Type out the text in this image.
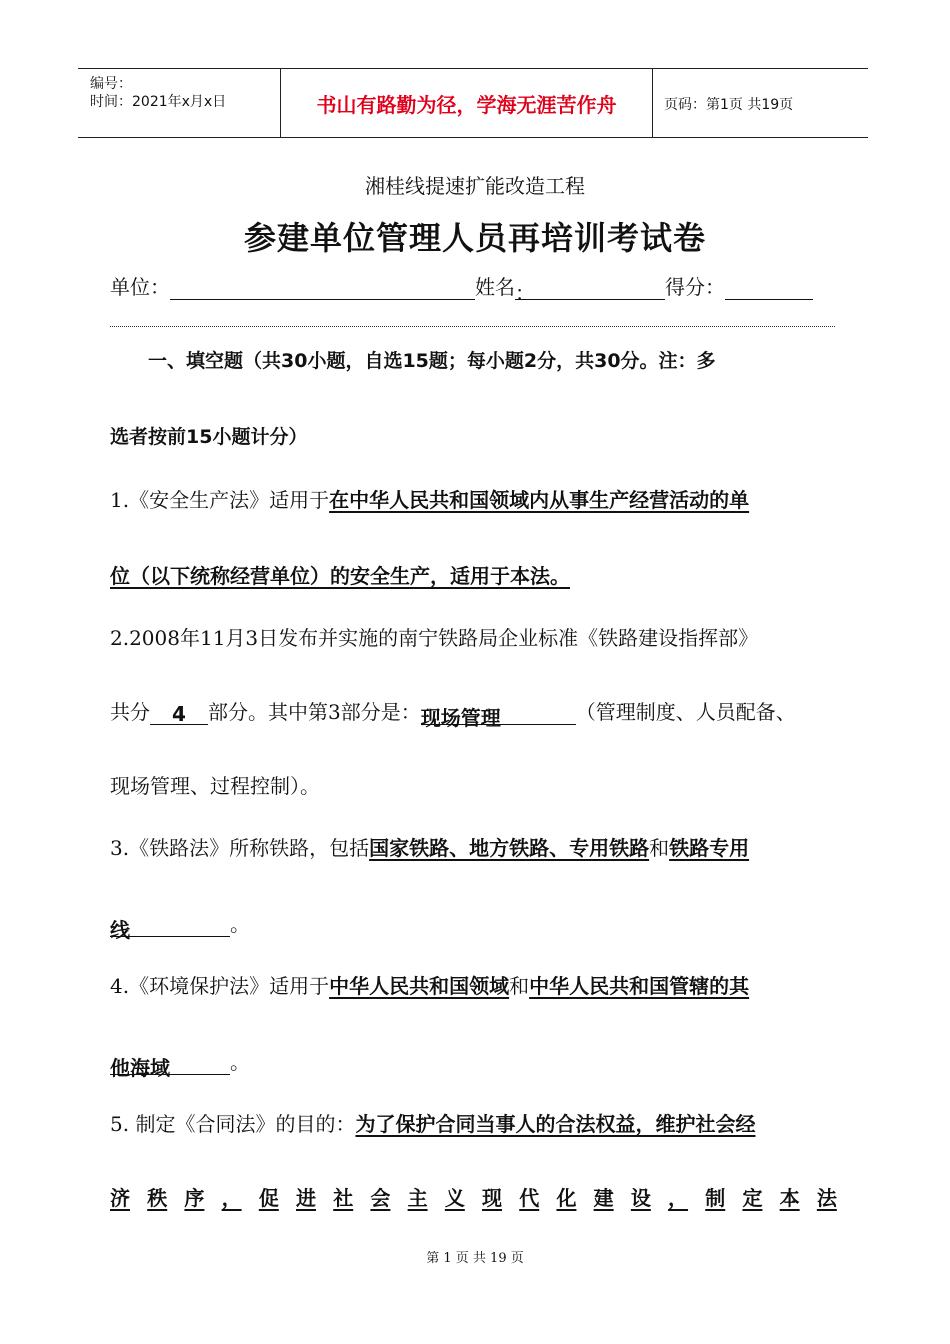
编号：
时间：2021年x月x日	书山有路勤为径，学海无涯苦作舟	页码：第1页 共19页
湘桂线提速扩能改造工程
参建单位管理人员再培训考试卷
单位：	姓名：	得分：
一、填空题（共30小题，自选15题；每小题2分，共30分。注：多
选者按前15小题计分）
1.《安全生产法》适用于在中华人民共和国领域内从事生产经营活动的单
位（以下统称经营单位）的安全生产，适用于本法。
2.2008年11月3日发布并实施的南宁铁路局企业标准《铁路建设指挥部》
共分 4 部分。其中第3部分是：现场管理	（管理制度、人员配备、
现场管理、过程控制）。
3.《铁路法》所称铁路，包括国家铁路、地方铁路、专用铁路和铁路专用
线	。
4.《环境保护法》适用于中华人民共和国领域和中华人民共和国管辖的其
他海域	。
5. 制定《合同法》的目的：为了保护合同当事人的合法权益，维护社会经
济 秩 序 ， 促 进 社 会 主 义 现 代 化 建 设 ， 制 定 本 法
第 1 页 共 19 页
